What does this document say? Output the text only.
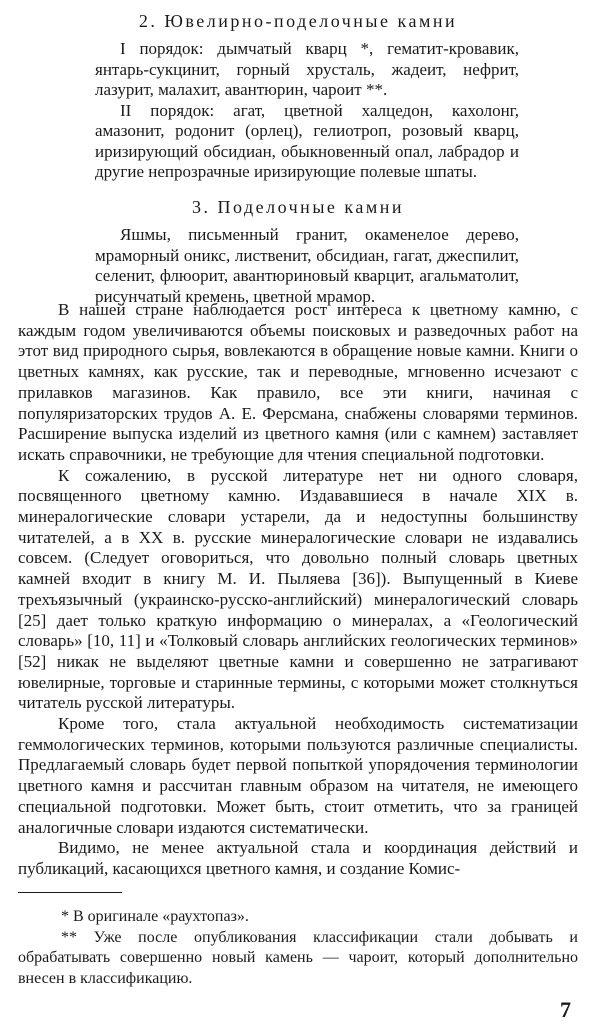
2. Ювелирно-поделочные камни

I порядок: дымчатый кварц *, гематит-кровавик, янтарь-сукцинит, горный хрусталь, жадеит, нефрит, лазурит, малахит, авантюрин, чароит **.

II порядок: агат, цветной халцедон, кахолонг, амазонит, родонит (орлец), гелиотроп, розовый кварц, иризирующий обсидиан, обыкновенный опал, лабрадор и другие непрозрачные иризирующие полевые шпаты.

3. Поделочные камни

Яшмы, письменный гранит, окаменелое дерево, мраморный оникс, лиственит, обсидиан, гагат, джеспилит, селенит, флюорит, авантюриновый кварцит, агальматолит, рисунчатый кремень, цветной мрамор.

В нашей стране наблюдается рост интереса к цветному камню, с каждым годом увеличиваются объемы поисковых и разведочных работ на этот вид природного сырья, вовлекаются в обращение новые камни. Книги о цветных камнях, как русские, так и переводные, мгновенно исчезают с прилавков магазинов. Как правило, все эти книги, начиная с популяризаторских трудов А. Е. Ферсмана, снабжены словарями терминов. Расширение выпуска изделий из цветного камня (или с камнем) заставляет искать справочники, не требующие для чтения специальной подготовки.

К сожалению, в русской литературе нет ни одного словаря, посвященного цветному камню. Издававшиеся в начале XIX в. минералогические словари устарели, да и недоступны большинству читателей, а в XX в. русские минералогические словари не издавались совсем. (Следует оговориться, что довольно полный словарь цветных камней входит в книгу М. И. Пыляева [36]). Выпущенный в Киеве трехъязычный (украинско-русско-английский) минералогический словарь [25] дает только краткую информацию о минералах, а «Геологический словарь» [10, 11] и «Толковый словарь английских геологических терминов» [52] никак не выделяют цветные камни и совершенно не затрагивают ювелирные, торговые и старинные термины, с которыми может столкнуться читатель русской литературы.

Кроме того, стала актуальной необходимость систематизации геммологических терминов, которыми пользуются различные специалисты. Предлагаемый словарь будет первой попыткой упорядочения терминологии цветного камня и рассчитан главным образом на читателя, не имеющего специальной подготовки. Может быть, стоит отметить, что за границей аналогичные словари издаются систематически.

Видимо, не менее актуальной стала и координация действий и публикаций, касающихся цветного камня, и создание Комис-

* В оригинале «раухтопаз».

** Уже после опубликования классификации стали добывать и обрабатывать совершенно новый камень — чароит, который дополнительно внесен в классификацию.

7
